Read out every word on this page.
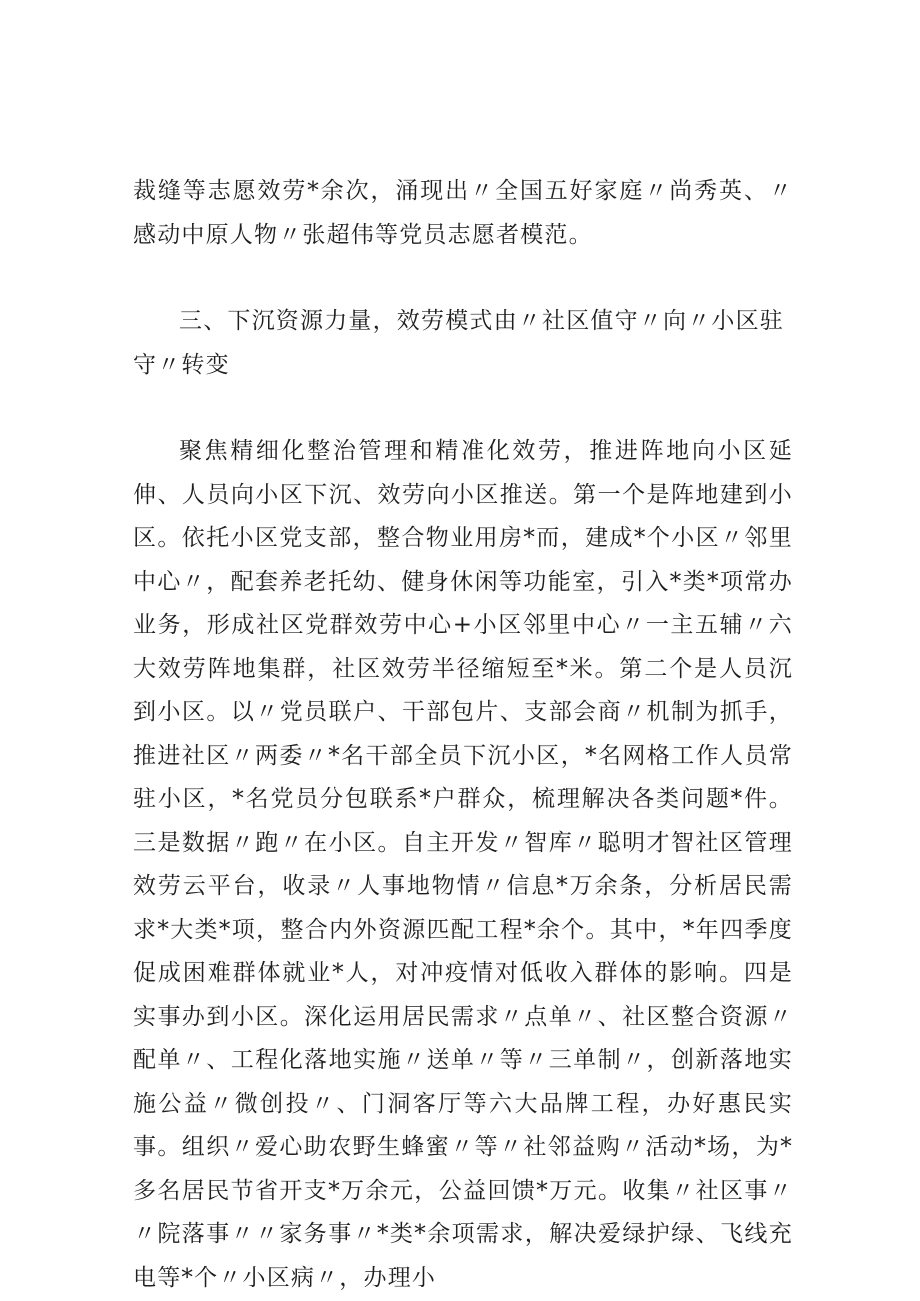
裁缝等志愿效劳*余次，涌现出〃全国五好家庭〃尚秀英、〃感动中原人物〃张超伟等党员志愿者模范。

三、下沉资源力量，效劳模式由〃社区值守〃向〃小区驻守〃转变

聚焦精细化整治管理和精准化效劳，推进阵地向小区延伸、人员向小区下沉、效劳向小区推送。第一个是阵地建到小区。依托小区党支部，整合物业用房*而，建成*个小区〃邻里中心〃，配套养老托幼、健身休闲等功能室，引入*类*项常办业务，形成社区党群效劳中心+小区邻里中心〃一主五辅〃六大效劳阵地集群，社区效劳半径缩短至*米。第二个是人员沉到小区。以〃党员联户、干部包片、支部会商〃机制为抓手，推进社区〃两委〃*名干部全员下沉小区，*名网格工作人员常驻小区，*名党员分包联系*户群众，梳理解决各类问题*件。三是数据〃跑〃在小区。自主开发〃智库〃聪明才智社区管理效劳云平台，收录〃人事地物情〃信息*万余条，分析居民需求*大类*项，整合内外资源匹配工程*余个。其中，*年四季度促成困难群体就业*人，对冲疫情对低收入群体的影响。四是实事办到小区。深化运用居民需求〃点单〃、社区整合资源〃配单〃、工程化落地实施〃送单〃等〃三单制〃，创新落地实施公益〃微创投〃、门洞客厅等六大品牌工程，办好惠民实事。组织〃爱心助农野生蜂蜜〃等〃社邻益购〃活动*场，为*多名居民节省开支*万余元，公益回馈*万元。收集〃社区事〃〃院落事〃〃家务事〃*类*余项需求，解决爱绿护绿、飞线充电等*个〃小区病〃，办理小
